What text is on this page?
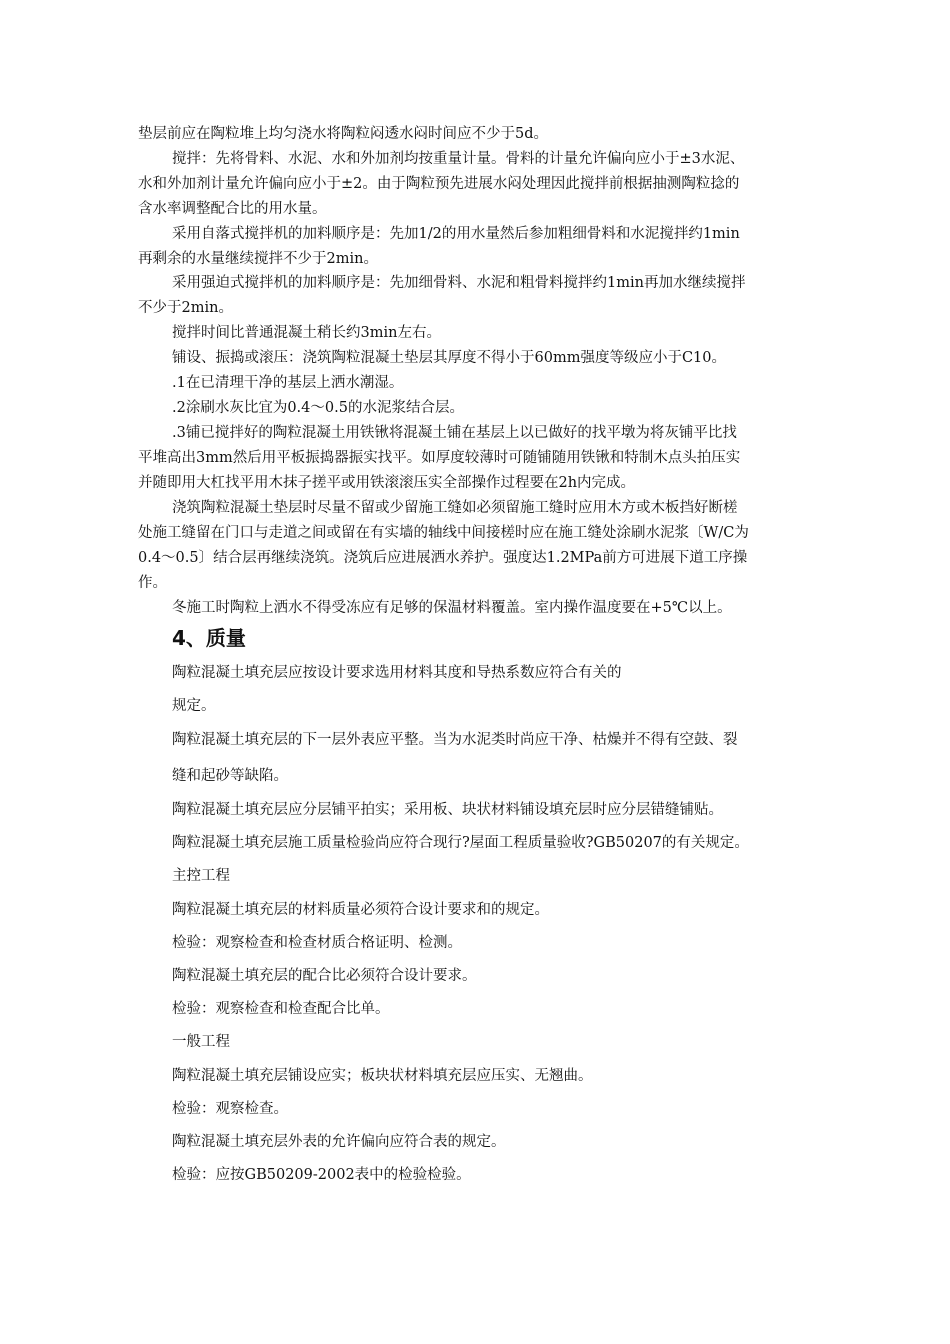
垫层前应在陶粒堆上均匀浇水将陶粒闷透水闷时间应不少于5d。
搅拌：先将骨料、水泥、水和外加剂均按重量计量。骨料的计量允许偏向应小于±3水泥、
水和外加剂计量允许偏向应小于±2。由于陶粒预先进展水闷处理因此搅拌前根据抽测陶粒捻的
含水率调整配合比的用水量。
采用自落式搅拌机的加料顺序是：先加1/2的用水量然后参加粗细骨料和水泥搅拌约1min
再剩余的水量继续搅拌不少于2min。
采用强迫式搅拌机的加料顺序是：先加细骨料、水泥和粗骨料搅拌约1min再加水继续搅拌
不少于2min。
搅拌时间比普通混凝土稍长约3min左右。
铺设、振捣或滚压：浇筑陶粒混凝土垫层其厚度不得小于60mm强度等级应小于C10。
.1在已清理干净的基层上洒水潮湿。
.2涂刷水灰比宜为0.4～0.5的水泥浆结合层。
.3铺已搅拌好的陶粒混凝土用铁锹将混凝土铺在基层上以已做好的找平墩为将灰铺平比找
平堆高出3mm然后用平板振捣器振实找平。如厚度较薄时可随铺随用铁锹和特制木点头拍压实
并随即用大杠找平用木抹子搓平或用铁滚滚压实全部操作过程要在2h内完成。
浇筑陶粒混凝土垫层时尽量不留或少留施工缝如必须留施工缝时应用木方或木板挡好断槎
处施工缝留在门口与走道之间或留在有实墙的轴线中间接槎时应在施工缝处涂刷水泥浆〔W/C为
0.4～0.5〕结合层再继续浇筑。浇筑后应进展洒水养护。强度达1.2MPa前方可进展下道工序操
作。
冬施工时陶粒上洒水不得受冻应有足够的保温材料覆盖。室内操作温度要在+5℃以上。
4、质量
陶粒混凝土填充层应按设计要求选用材料其度和导热系数应符合有关的
规定。
陶粒混凝土填充层的下一层外表应平整。当为水泥类时尚应干净、枯燥并不得有空鼓、裂
缝和起砂等缺陷。
陶粒混凝土填充层应分层铺平拍实；采用板、块状材料铺设填充层时应分层错缝铺贴。
陶粒混凝土填充层施工质量检验尚应符合现行?屋面工程质量验收?GB50207的有关规定。
主控工程
陶粒混凝土填充层的材料质量必须符合设计要求和的规定。
检验：观察检查和检查材质合格证明、检测。
陶粒混凝土填充层的配合比必须符合设计要求。
检验：观察检查和检查配合比单。
一般工程
陶粒混凝土填充层铺设应实；板块状材料填充层应压实、无翘曲。
检验：观察检查。
陶粒混凝土填充层外表的允许偏向应符合表的规定。
检验：应按GB50209-2002表中的检验检验。
